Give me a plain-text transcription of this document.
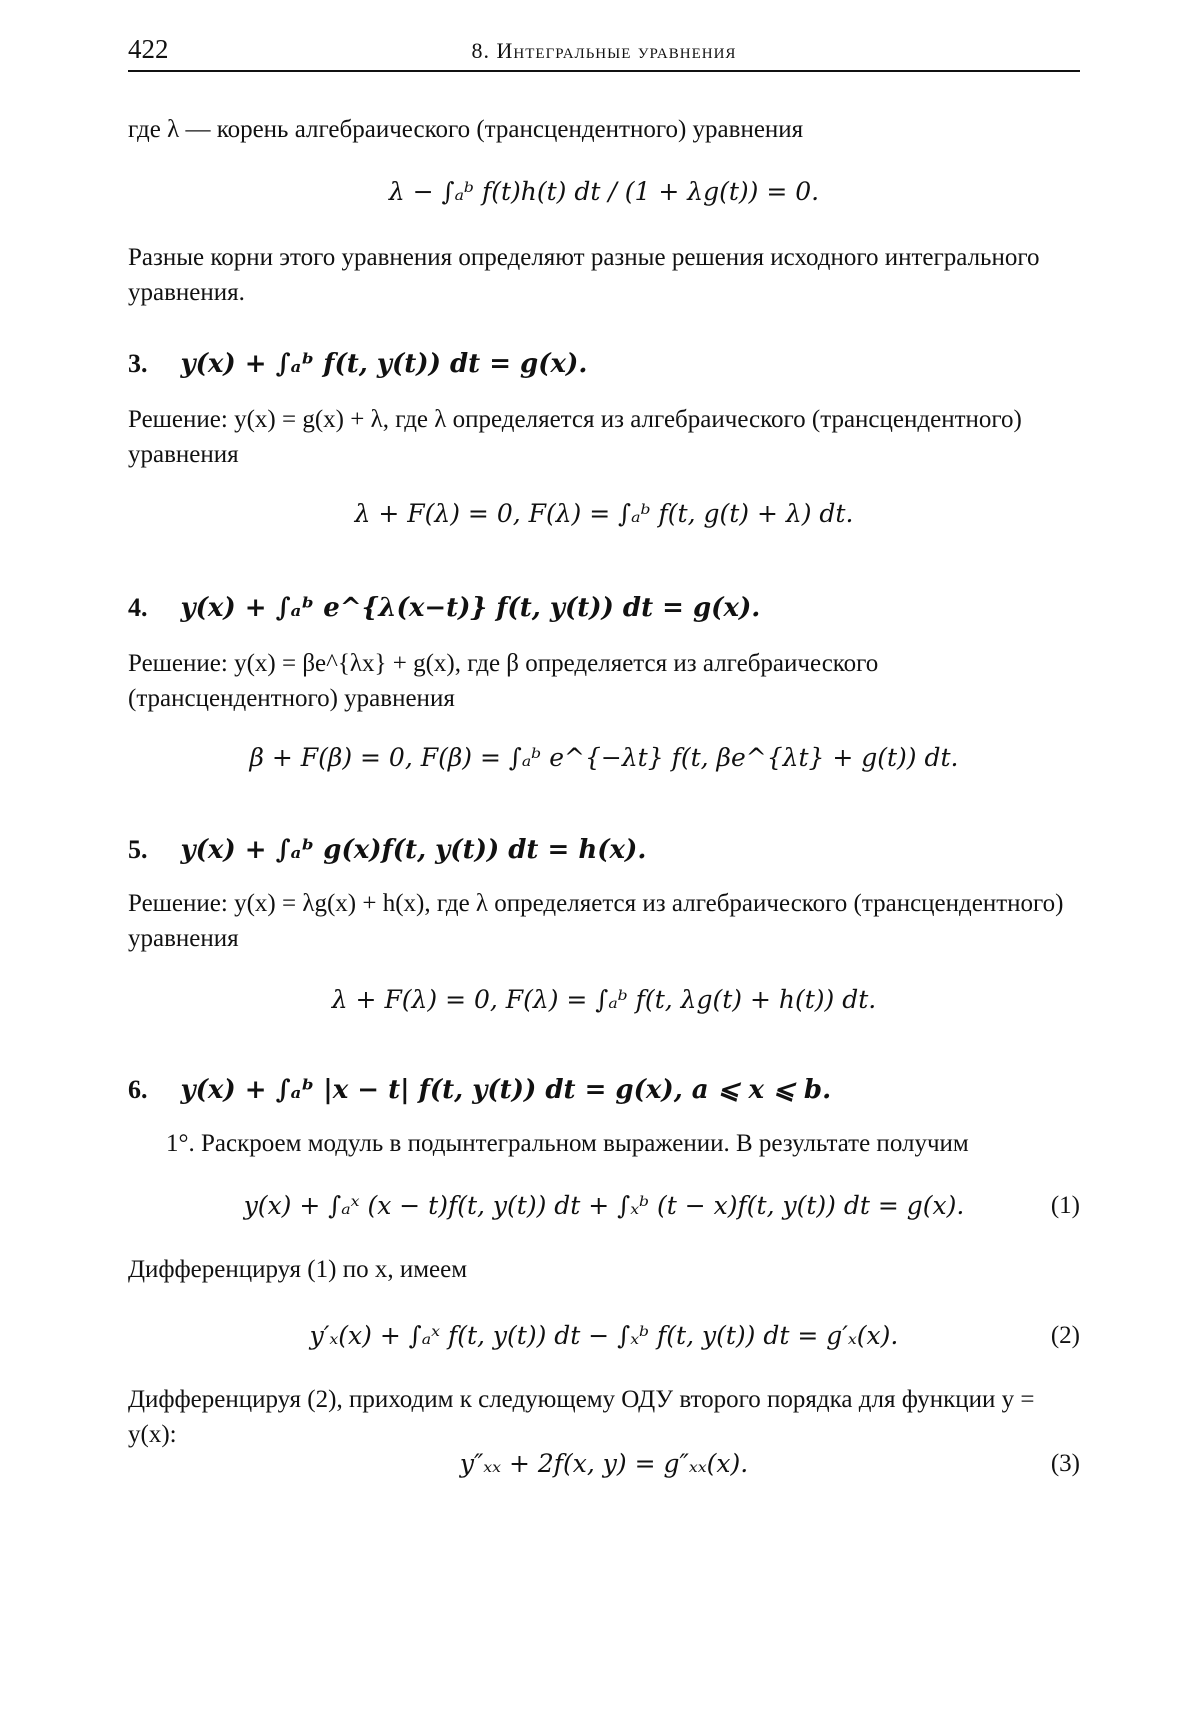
422	8. Интегральные уравнения

где λ — корень алгебраического (трансцендентного) уравнения

λ − ∫ₐᵇ f(t)h(t) dt / (1 + λg(t)) = 0.

Разные корни этого уравнения определяют разные решения исходного интегрального уравнения.

3. y(x) + ∫ₐᵇ f(t, y(t)) dt = g(x).

Решение: y(x) = g(x) + λ, где λ определяется из алгебраического (трансцендентного) уравнения

λ + F(λ) = 0, F(λ) = ∫ₐᵇ f(t, g(t) + λ) dt.
4. y(x) + ∫ₐᵇ e^{λ(x−t)} f(t, y(t)) dt = g(x).

Решение: y(x) = βe^{λx} + g(x), где β определяется из алгебраического (трансцендентного) уравнения

β + F(β) = 0, F(β) = ∫ₐᵇ e^{−λt} f(t, βe^{λt} + g(t)) dt.
5. y(x) + ∫ₐᵇ g(x)f(t, y(t)) dt = h(x).

Решение: y(x) = λg(x) + h(x), где λ определяется из алгебраического (трансцендентного) уравнения

λ + F(λ) = 0, F(λ) = ∫ₐᵇ f(t, λg(t) + h(t)) dt.
6. y(x) + ∫ₐᵇ |x − t| f(t, y(t)) dt = g(x), a ⩽ x ⩽ b.

1°. Раскроем модуль в подынтегральном выражении. В результате получим

y(x) + ∫ₐˣ (x − t)f(t, y(t)) dt + ∫ₓᵇ (t − x)f(t, y(t)) dt = g(x).	(1)

Дифференцируя (1) по x, имеем

y′ₓ(x) + ∫ₐˣ f(t, y(t)) dt − ∫ₓᵇ f(t, y(t)) dt = g′ₓ(x).	(2)

Дифференцируя (2), приходим к следующему ОДУ второго порядка для функции y = y(x):

y″ₓₓ + 2f(x, y) = g″ₓₓ(x).	(3)
